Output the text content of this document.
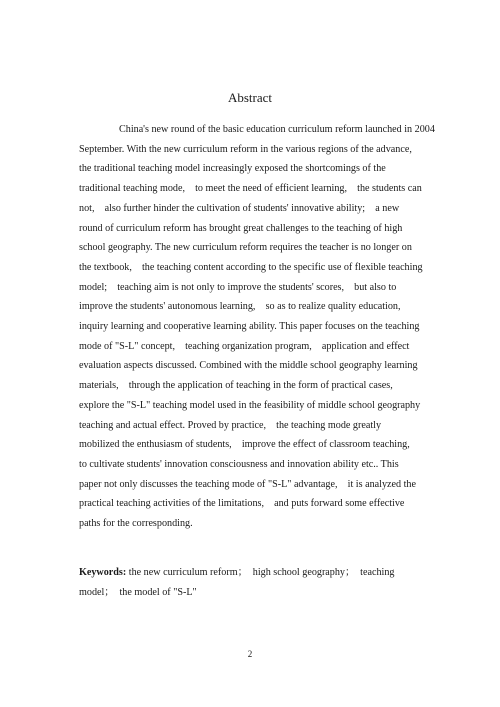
Abstract
China's new round of the basic education curriculum reform launched in 2004
September. With the new curriculum reform in the various regions of the advance,
the traditional teaching model increasingly exposed the shortcomings of the
traditional teaching mode,　to meet the need of efficient learning,　the students can
not,　also further hinder the cultivation of students' innovative ability;　a new
round of curriculum reform has brought great challenges to the teaching of high
school geography. The new curriculum reform requires the teacher is no longer on
the textbook,　the teaching content according to the specific use of flexible teaching
model;　teaching aim is not only to improve the students' scores,　but also to
improve the students' autonomous learning,　so as to realize quality education,
inquiry learning and cooperative learning ability. This paper focuses on the teaching
mode of "S-L" concept,　teaching organization program,　application and effect
evaluation aspects discussed. Combined with the middle school geography learning
materials,　through the application of teaching in the form of practical cases,
explore the "S-L" teaching model used in the feasibility of middle school geography
teaching and actual effect. Proved by practice,　the teaching mode greatly
mobilized the enthusiasm of students,　improve the effect of classroom teaching,
to cultivate students' innovation consciousness and innovation ability etc.. This
paper not only discusses the teaching mode of "S-L" advantage,　it is analyzed the
practical teaching activities of the limitations,　and puts forward some effective
paths for the corresponding.
Keywords: the new curriculum reform；　high school geography；　teaching
model；　the model of "S-L"
2
